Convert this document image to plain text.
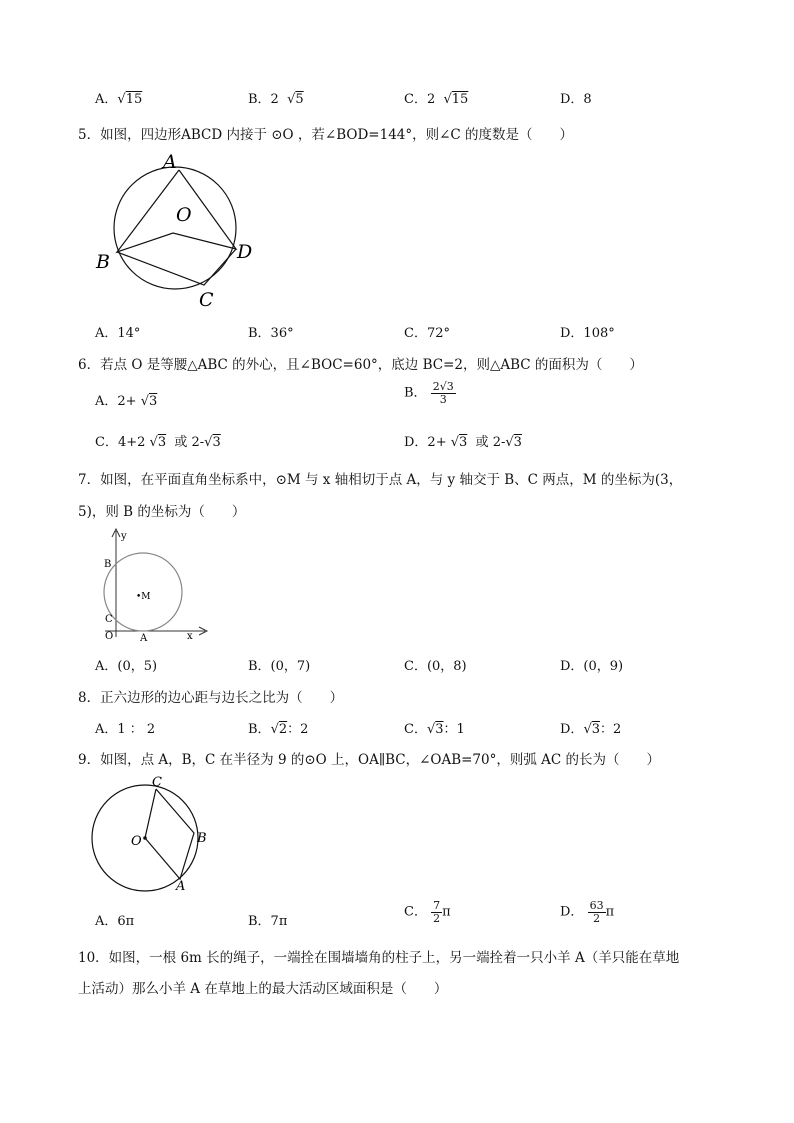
A．√15	B．2  √5	C．2  √15	D．8
5．如图，四边形ABCD 内接于 ⊙O ，若∠BOD=144°，则∠C 的度数是（　　）
A
O
B	D
C
A．14°	B．36°	C．72°	D．108°
6．若点 O 是等腰△ABC 的外心，且∠BOC=60°，底边 BC=2，则△ABC 的面积为（　　）
A．2+ √3
B． $\frac{2√3}{3}$
C．4+2 √3 或 2-√3	D．2+ √3 或 2-√3
7．如图，在平面直角坐标系中，⊙M 与 x 轴相切于点 A，与 y 轴交于 B、C 两点，M 的坐标为(3，
5)，则 B 的坐标为（　　）
y
x
B
C
O	A
•M
A．(0，5)	B．(0，7)	C．(0，8)	D．(0，9)
8．正六边形的边心距与边长之比为（　　）
A．1 ： 2	B．√2：2	C．√3：1	D．√3：2
9．如图，点 A，B，C 在半径为 9 的⊙O 上，OA∥BC，∠OAB=70°，则弧 AC 的长为（　　）
C
O	B
A
A．6π	B．7π
C． $\frac{7}{2}$ π	D． $\frac{63}{2}$ π
10．如图，一根 6m 长的绳子，一端拴在围墙墙角的柱子上，另一端拴着一只小羊 A（羊只能在草地
上活动）那么小羊 A 在草地上的最大活动区域面积是（　　）
